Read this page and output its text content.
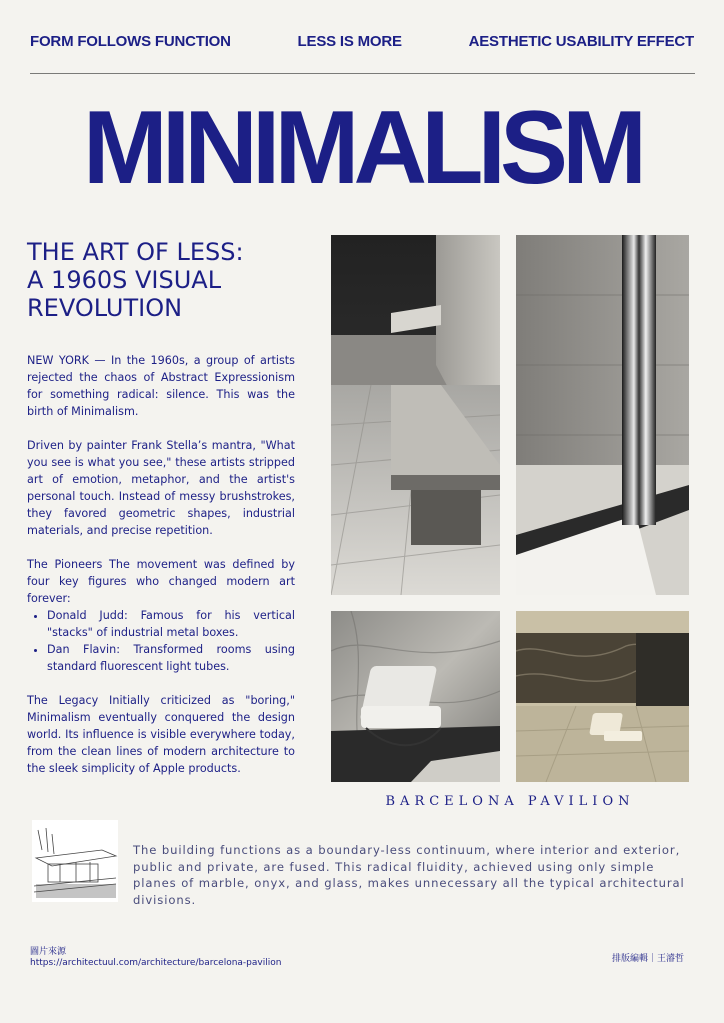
FORM FOLLOWS FUNCTION	LESS IS MORE	AESTHETIC USABILITY EFFECT
MINIMALISM
THE ART OF LESS:
A 1960S VISUAL
REVOLUTION

NEW YORK — In the 1960s, a group of artists rejected the chaos of Abstract Expressionism for something radical: silence. This was the birth of Minimalism.

Driven by painter Frank Stella’s mantra, "What you see is what you see," these artists stripped art of emotion, metaphor, and the artist's personal touch. Instead of messy brushstrokes, they favored geometric shapes, industrial materials, and precise repetition.

The Pioneers The movement was defined by four key figures who changed modern art forever:

• Donald Judd: Famous for his vertical "stacks" of industrial metal boxes.
• Dan Flavin: Transformed rooms using standard fluorescent light tubes.

The Legacy Initially criticized as "boring," Minimalism eventually conquered the design world. Its influence is visible everywhere today, from the clean lines of modern architecture to the sleek simplicity of Apple products.

BARCELONA PAVILION
The building functions as a boundary-less continuum, where interior and exterior, public and private, are fused. This radical fluidity, achieved using only simple planes of marble, onyx, and glass, makes unnecessary all the typical architectural divisions.
圖片來源
https://architectuul.com/architecture/barcelona-pavilion	排版編輯｜王濬哲
